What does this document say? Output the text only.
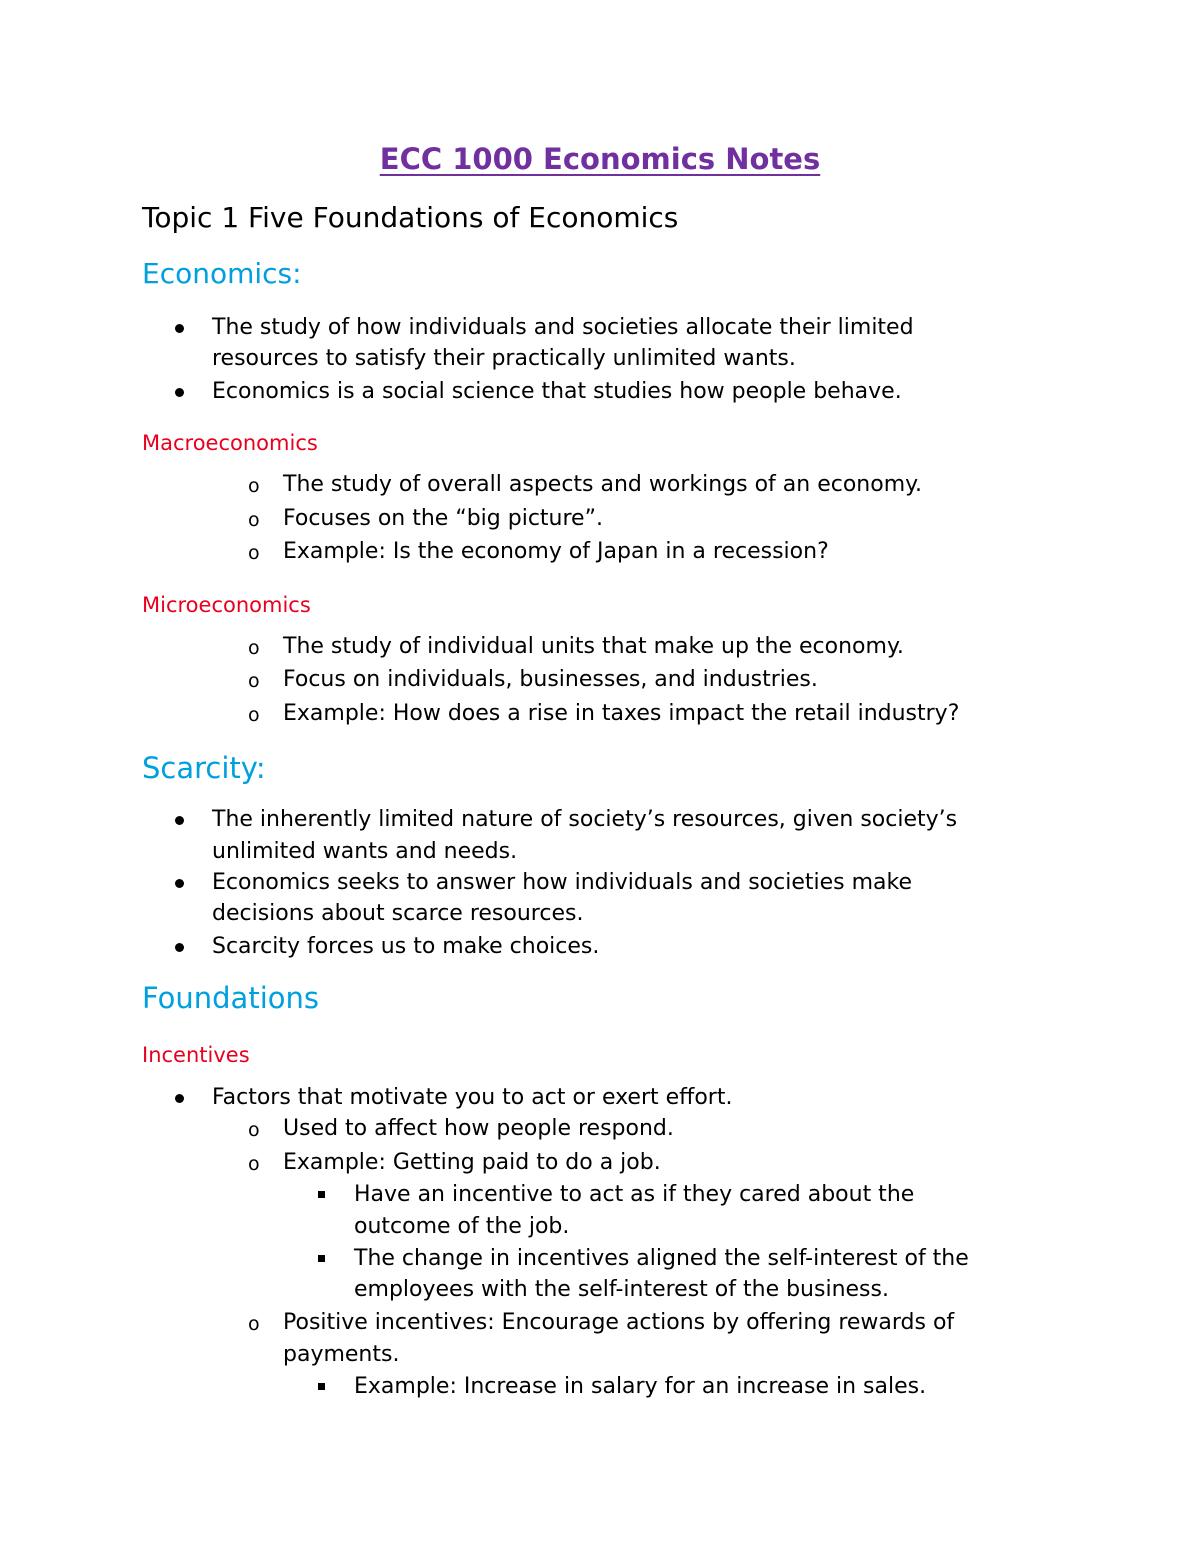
ECC 1000 Economics Notes
Topic 1 Five Foundations of Economics
Economics:

The study of how individuals and societies allocate their limited

resources to satisfy their practically unlimited wants.

Economics is a social science that studies how people behave.

Macroeconomics
o The study of overall aspects and workings of an economy.

o Focuses on the “big picture”.

o Example: Is the economy of Japan in a recession?

Microeconomics
o The study of individual units that make up the economy.

o Focus on individuals, businesses, and industries.

o Example: How does a rise in taxes impact the retail industry?

Scarcity:

The inherently limited nature of society’s resources, given society’s

unlimited wants and needs.

Economics seeks to answer how individuals and societies make

decisions about scarce resources.

Scarcity forces us to make choices.

Foundations
Incentives

Factors that motivate you to act or exert effort.

o Used to affect how people respond.

o Example: Getting paid to do a job.

Have an incentive to act as if they cared about the

outcome of the job.

The change in incentives aligned the self-interest of the

employees with the self-interest of the business.

o Positive incentives: Encourage actions by offering rewards of

payments.

Example: Increase in salary for an increase in sales.
